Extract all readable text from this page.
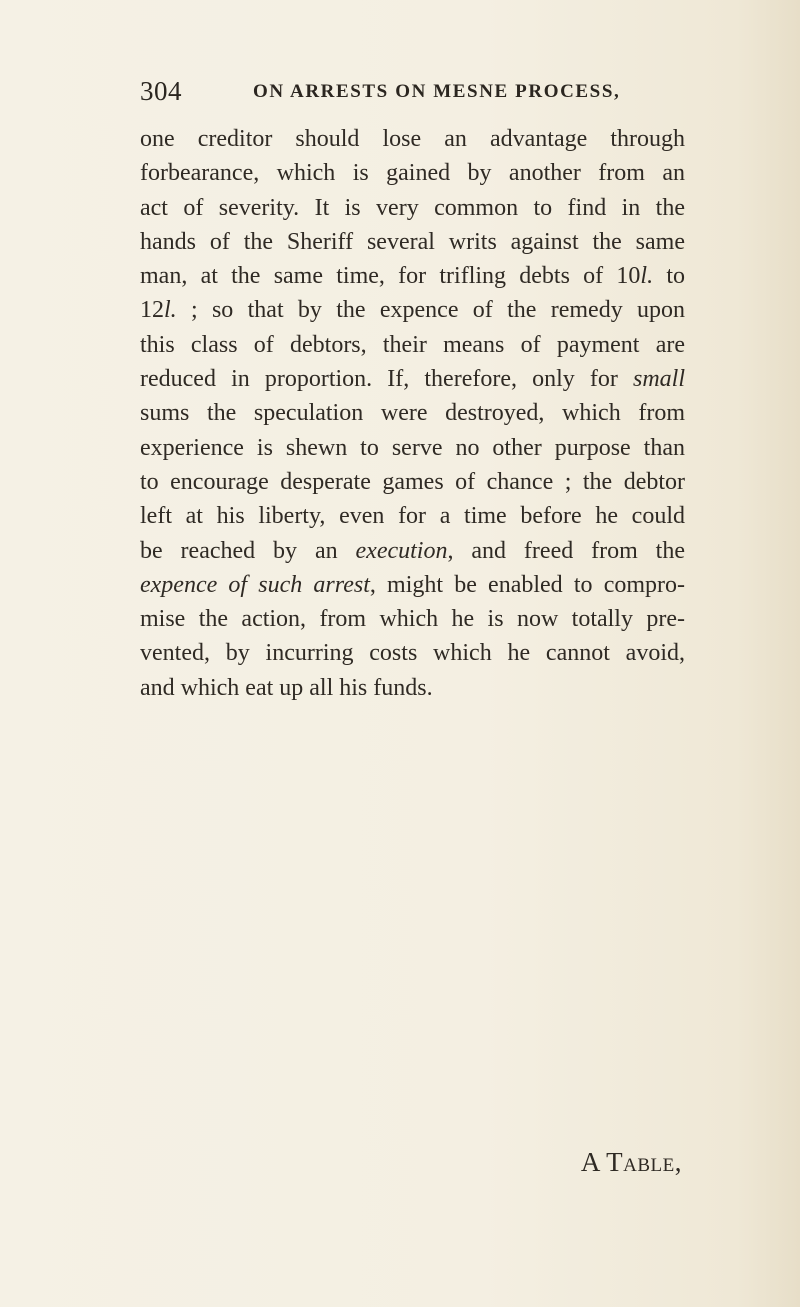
304	ON ARRESTS ON MESNE PROCESS,
one creditor should lose an advantage through
forbearance, which is gained by another from an
act of severity. It is very common to find in the
hands of the Sheriff several writs against the same
man, at the same time, for trifling debts of 10l. to
12l. ; so that by the expence of the remedy upon
this class of debtors, their means of payment are
reduced in proportion. If, therefore, only for small
sums the speculation were destroyed, which from
experience is shewn to serve no other purpose than
to encourage desperate games of chance ; the debtor
left at his liberty, even for a time before he could
be reached by an execution, and freed from the
expence of such arrest, might be enabled to compro-
mise the action, from which he is now totally pre-
vented, by incurring costs which he cannot avoid,
and which eat up all his funds.
A Table,
